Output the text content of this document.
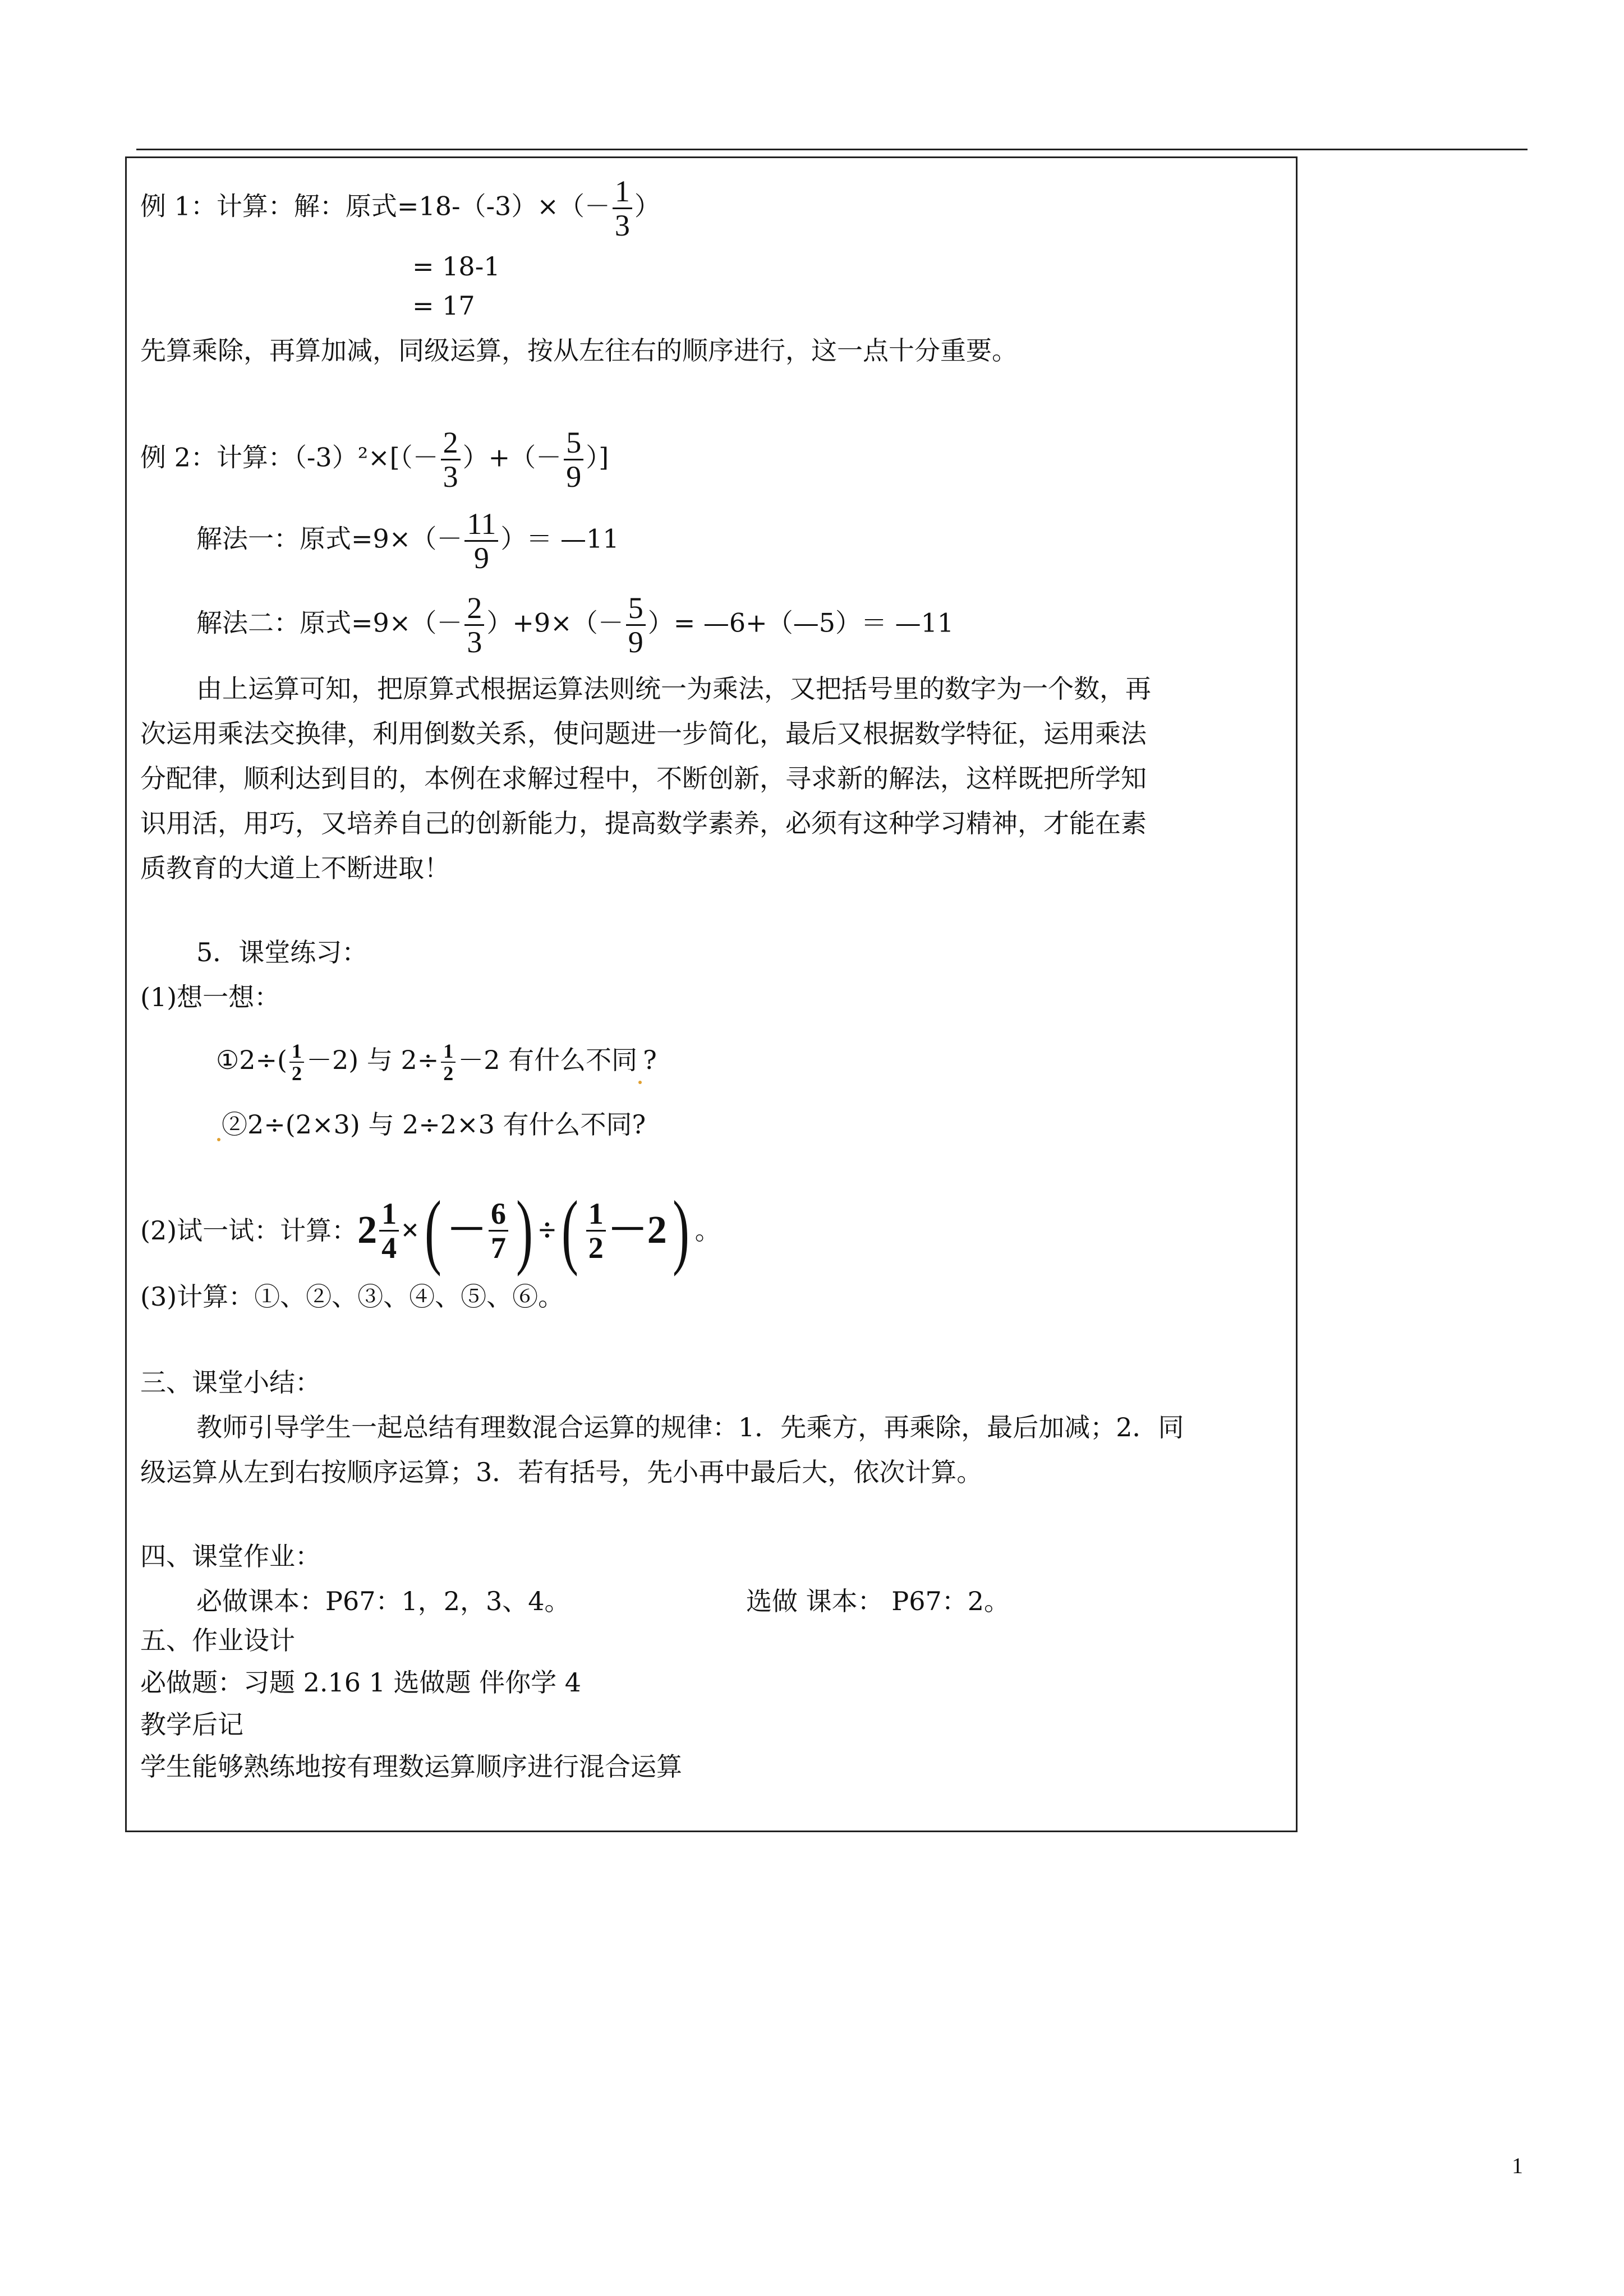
例 1：计算：解：原式$=18-(-3)\times(- \frac{1}{3}$ ）
= 18-1
= 17
先算乘除，再算加减，同级运算，按从左往右的顺序进行，这一点十分重要。
例 2：计算：$(-3)^2\times[(- \frac{2}{3}$ ）+（－ $\frac{5}{9}$ ）]
解法一：原式$=9\times(- \frac{11}{9}$ ）＝ —11
解法二：原式$=9\times(- \frac{2}{3} )+9\times(- \frac{5}{9}$ ）= —6+（—5）＝ —11
由上运算可知，把原算式根据运算法则统一为乘法，又把括号里的数字为一个数，再
次运用乘法交换律，利用倒数关系，使问题进一步简化，最后又根据数学特征，运用乘法
分配律，顺利达到目的，本例在求解过程中，不断创新，寻求新的解法，这样既把所学知
识用活，用巧，又培养自己的创新能力，提高数学素养，必须有这种学习精神，才能在素
质教育的大道上不断进取！
5．课堂练习：
(1)想一想：
①2÷( $\frac{1}{2} -2$) 与 $2\div \frac{1}{2} -2$ 有什么不同 ?
②2÷(2×3) 与 2÷2×3 有什么不同?
(2)试一试：计算：$2 \frac{1}{4}$ ×( － $\frac{6}{7}$ ) ÷( $\frac{1}{2} -2$) 。
(3)计算：①、②、③、④、⑤、⑥。
三、课堂小结：
教师引导学生一起总结有理数混合运算的规律：1．先乘方，再乘除，最后加减；2．同
级运算从左到右按顺序运算；3．若有括号，先小再中最后大，依次计算。
四、课堂作业：
必做课本：P67：1，2，3、4。	选做 课本： P67：2。
五、作业设计
必做题：习题 2.16 1 选做题 伴你学 4
教学后记
学生能够熟练地按有理数运算顺序进行混合运算
1
